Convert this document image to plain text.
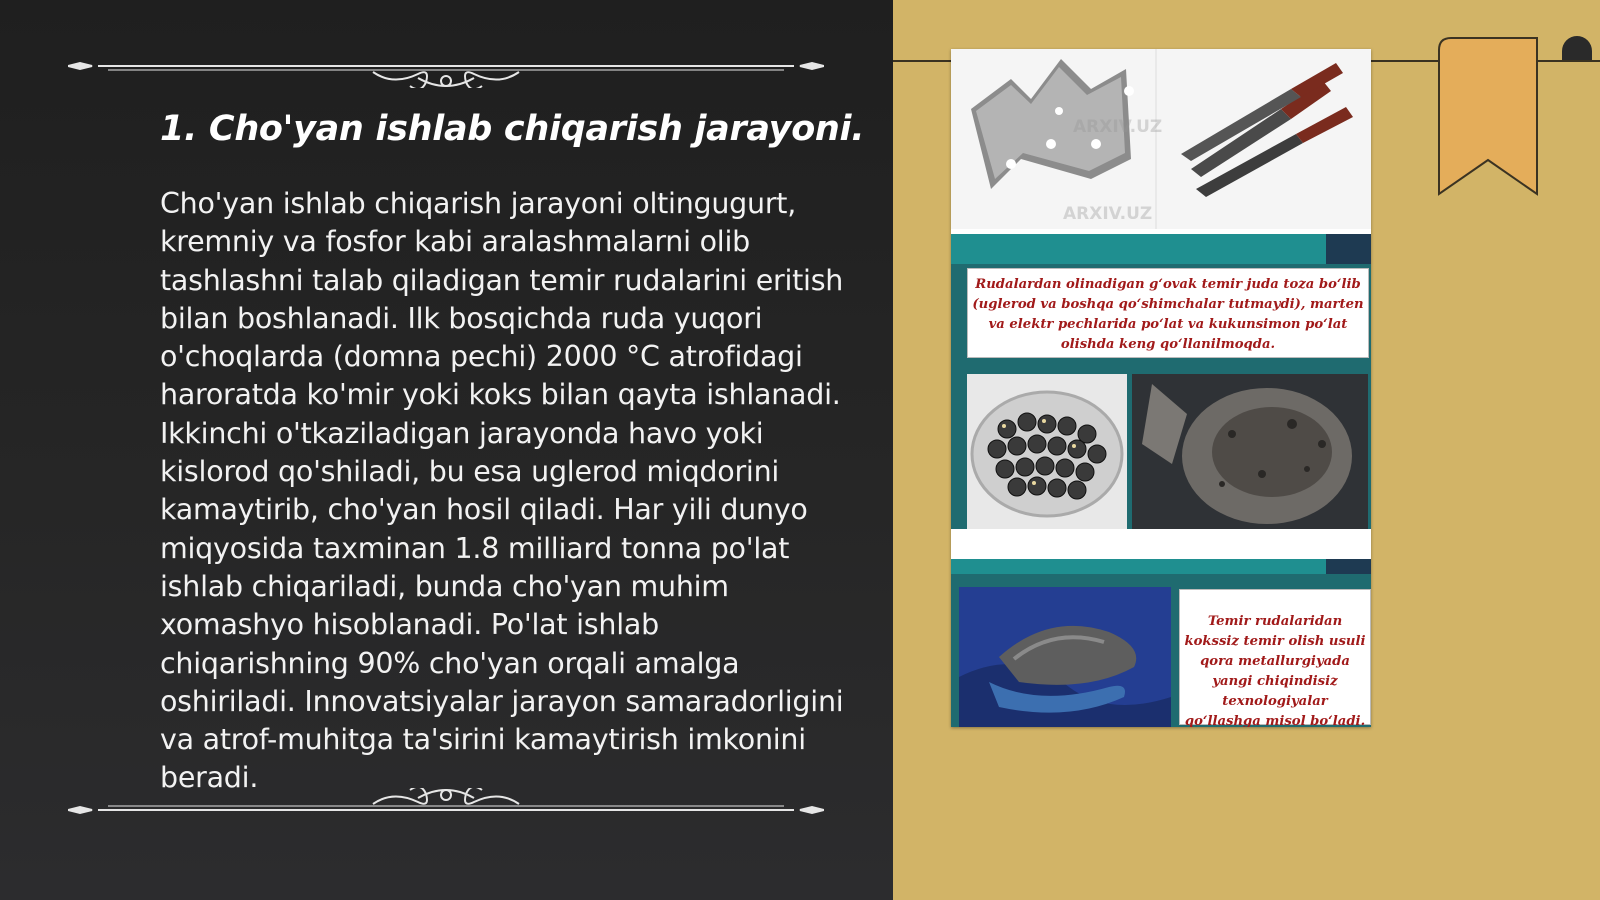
1. Cho'yan ishlab chiqarish jarayoni.

Cho'yan ishlab chiqarish jarayoni oltingugurt, kremniy va fosfor kabi aralashmalarni olib tashlashni talab qiladigan temir rudalarini eritish bilan boshlanadi. Ilk bosqichda ruda yuqori o'choqlarda (domna pechi) 2000 °C atrofidagi haroratda ko'mir yoki koks bilan qayta ishlanadi. Ikkinchi o'tkaziladigan jarayonda havo yoki kislorod qo'shiladi, bu esa uglerod miqdorini kamaytirib, cho'yan hosil qiladi. Har yili dunyo miqyosida taxminan 1.8 milliard tonna po'lat ishlab chiqariladi, bunda cho'yan muhim xomashyo hisoblanadi. Po'lat ishlab chiqarishning 90% cho'yan orqali amalga oshiriladi. Innovatsiyalar jarayon samaradorligini va atrof-muhitga ta'sirini kamaytirish imkonini beradi.

ARXIV.UZ
ARXIV.UZ
Rudalardan olinadigan g‘ovak temir juda toza bo‘lib (uglerod va boshqa qo‘shimchalar tutmaydi), marten va elektr pechlarida po‘lat va kukunsimon po‘lat olishda keng qo‘llanilmoqda.
Temir rudalaridan kokssiz temir olish usuli qora metallurgiyada yangi chiqindisiz texnologiyalar qo‘llashga misol bo‘ladi.
